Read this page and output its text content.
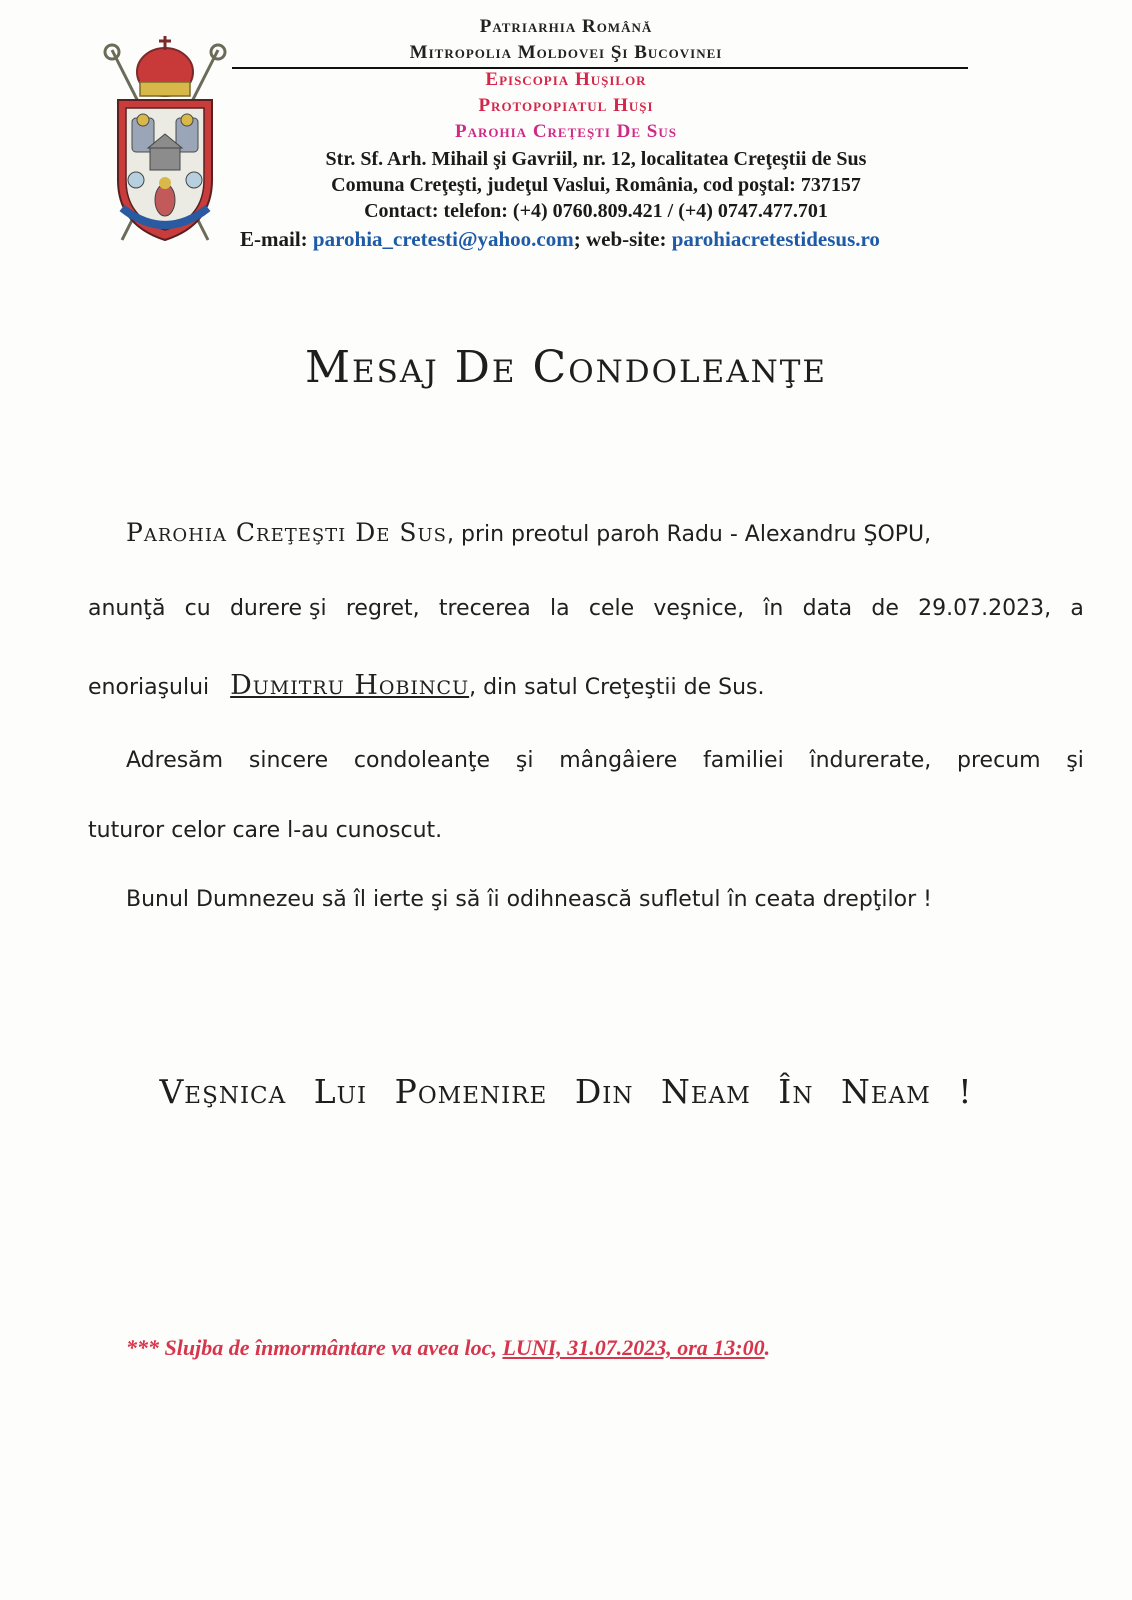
Patriarhia Română
Mitropolia Moldovei Şi Bucovinei
Episcopia Huşilor
Protopopiatul Huşi
Parohia Creţeşti De Sus
Str. Sf. Arh. Mihail şi Gavriil, nr. 12, localitatea Creţeştii de Sus
Comuna Creţeşti, judeţul Vaslui, România, cod poştal: 737157
Contact: telefon: (+4) 0760.809.421 / (+4) 0747.477.701
E-mail: parohia_cretesti@yahoo.com; web-site: parohiacretestidesus.ro
Mesaj De Condoleanţe
Parohia Creţeşti De Sus, prin preotul paroh Radu - Alexandru ŞOPU,
anunţă cu durere şi regret, trecerea la cele veşnice, în data de 29.07.2023, a
enoriaşului Dumitru Hobincu, din satul Creţeştii de Sus.
Adresăm sincere condoleanţe şi mângâiere familiei îndurerate, precum şi
tuturor celor care l-au cunoscut.
Bunul Dumnezeu să îl ierte şi să îi odihnească sufletul în ceata drepţilor !
Veşnica Lui Pomenire Din Neam În Neam !
*** Slujba de înmormântare va avea loc, LUNI, 31.07.2023, ora 13:00.
